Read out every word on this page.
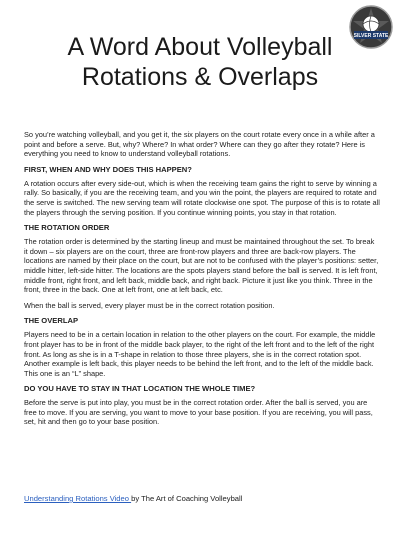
SILVER STATE
A Word About Volleyball
Rotations & Overlaps

So you’re watching volleyball, and you get it, the six players on the court rotate every once in a while after a point and before a serve. But, why? Where? In what order? Where can they go after they rotate? Here is everything you need to know to understand volleyball rotations.

FIRST, WHEN AND WHY DOES THIS HAPPEN?

A rotation occurs after every side-out, which is when the receiving team gains the right to serve by winning a rally. So basically, if you are the receiving team, and you win the point, the players are required to rotate and the serve is switched. The new serving team will rotate clockwise one spot. The purpose of this is to rotate all the players through the serving position. If you continue winning points, you stay in that rotation.

THE ROTATION ORDER

The rotation order is determined by the starting lineup and must be maintained throughout the set. To break it down – six players are on the court, three are front-row players and three are back-row players. The locations are named by their place on the court, but are not to be confused with the player’s positions: setter, middle hitter, left-side hitter. The locations are the spots players stand before the ball is served. It is left front, middle front, right front, and left back, middle back, and right back. Picture it just like you think. Three in the front, three in the back. One at left front, one at left back, etc.

When the ball is served, every player must be in the correct rotation position.

THE OVERLAP

Players need to be in a certain location in relation to the other players on the court. For example, the middle front player has to be in front of the middle back player, to the right of the left front and to the left of the right front. As long as she is in a T-shape in relation to those three players, she is in the correct rotation spot. Another example is left back, this player needs to be behind the left front, and to the left of the middle back. This one is an “L” shape.

DO YOU HAVE TO STAY IN THAT LOCATION THE WHOLE TIME?

Before the serve is put into play, you must be in the correct rotation order. After the ball is served, you are free to move. If you are serving, you want to move to your base position. If you are receiving, you will pass, set, hit and then go to your base position.

Understanding Rotations Video by The Art of Coaching Volleyball
